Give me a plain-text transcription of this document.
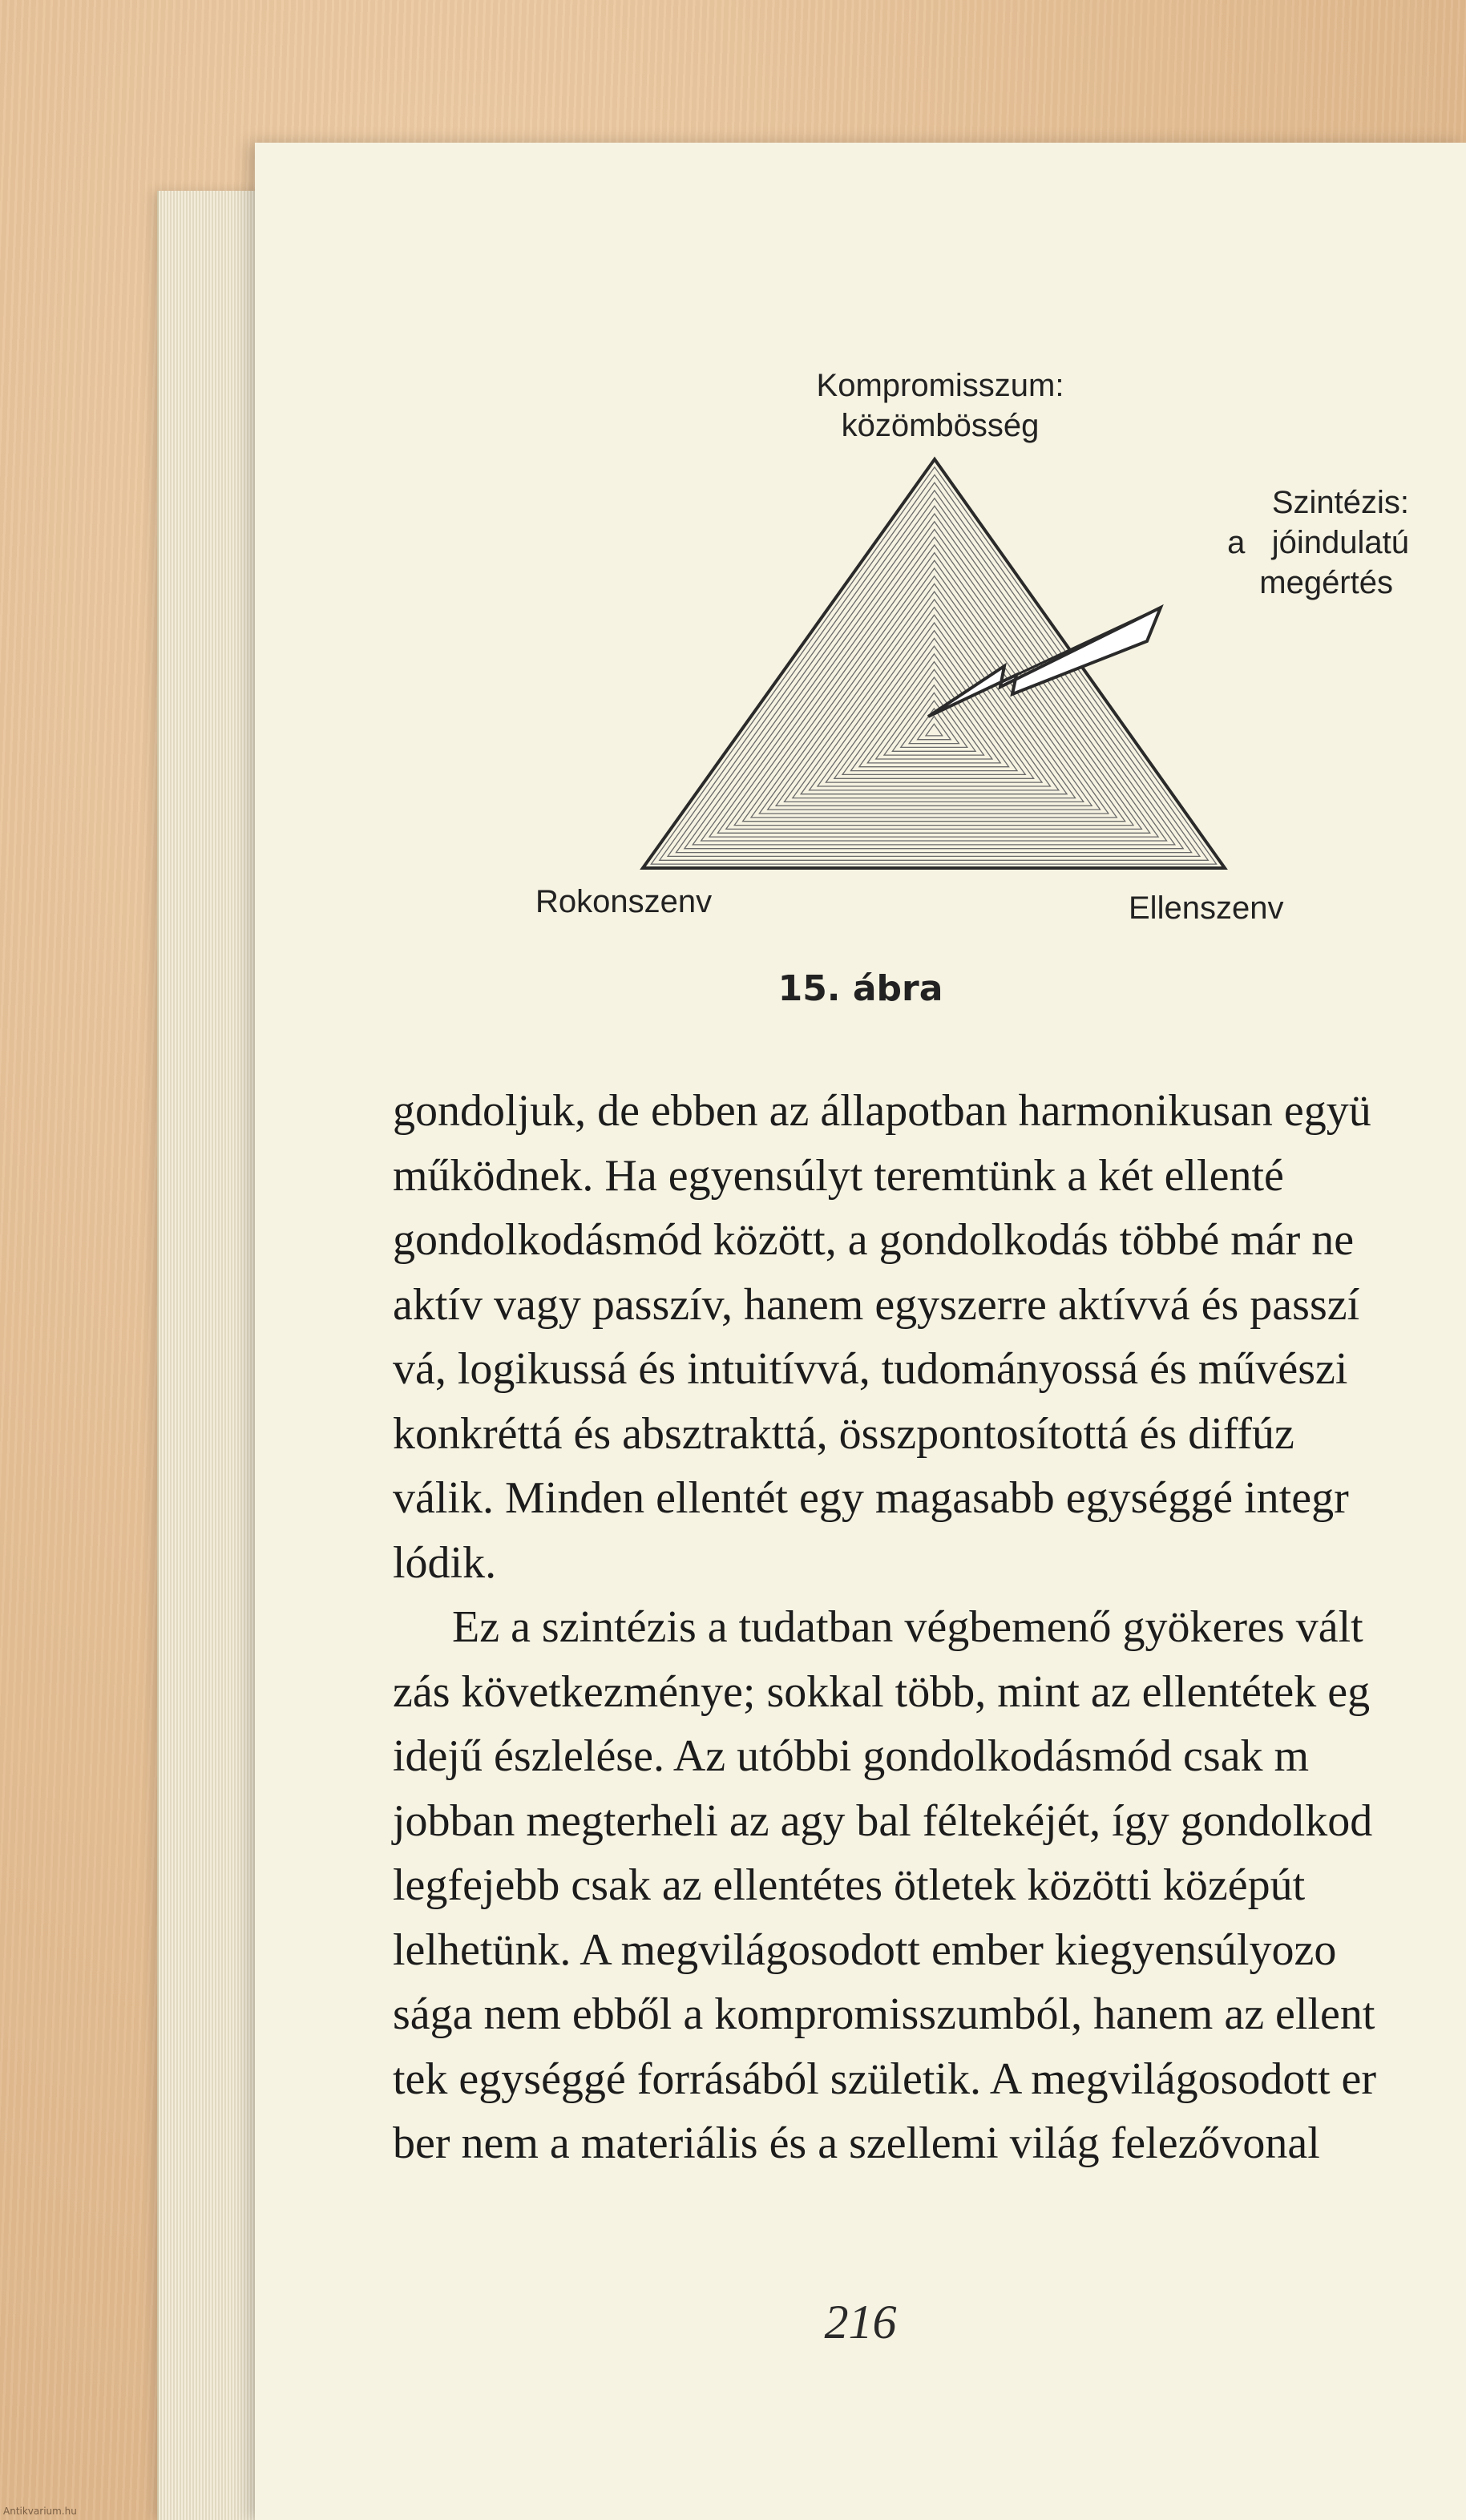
Kompromisszum:
közömbösség
Szintézis:
a   jóindulatú
megértés
Rokonszenv	Ellenszenv
15. ábra
gondoljuk, de ebben az állapotban harmonikusan együ
működnek. Ha egyensúlyt teremtünk a két ellenté
gondolkodásmód között, a gondolkodás többé már ne
aktív vagy passzív, hanem egyszerre aktívvá és passzí
vá, logikussá és intuitívvá, tudományossá és művészi
konkréttá és absztrakttá, összpontosítottá és diffúz
válik. Minden ellentét egy magasabb egységgé integr
lódik.
Ez a szintézis a tudatban végbemenő gyökeres vált
zás következménye; sokkal több, mint az ellentétek eg
idejű észlelése. Az utóbbi gondolkodásmód csak m
jobban megterheli az agy bal féltekéjét, így gondolkod
legfejebb csak az ellentétes ötletek közötti középút
lelhetünk. A megvilágosodott ember kiegyensúlyozo
sága nem ebből a kompromisszumból, hanem az ellent
tek egységgé forrásából születik. A megvilágosodott er
ber nem a materiális és a szellemi világ felezővonal
216
Antikvarium.hu
